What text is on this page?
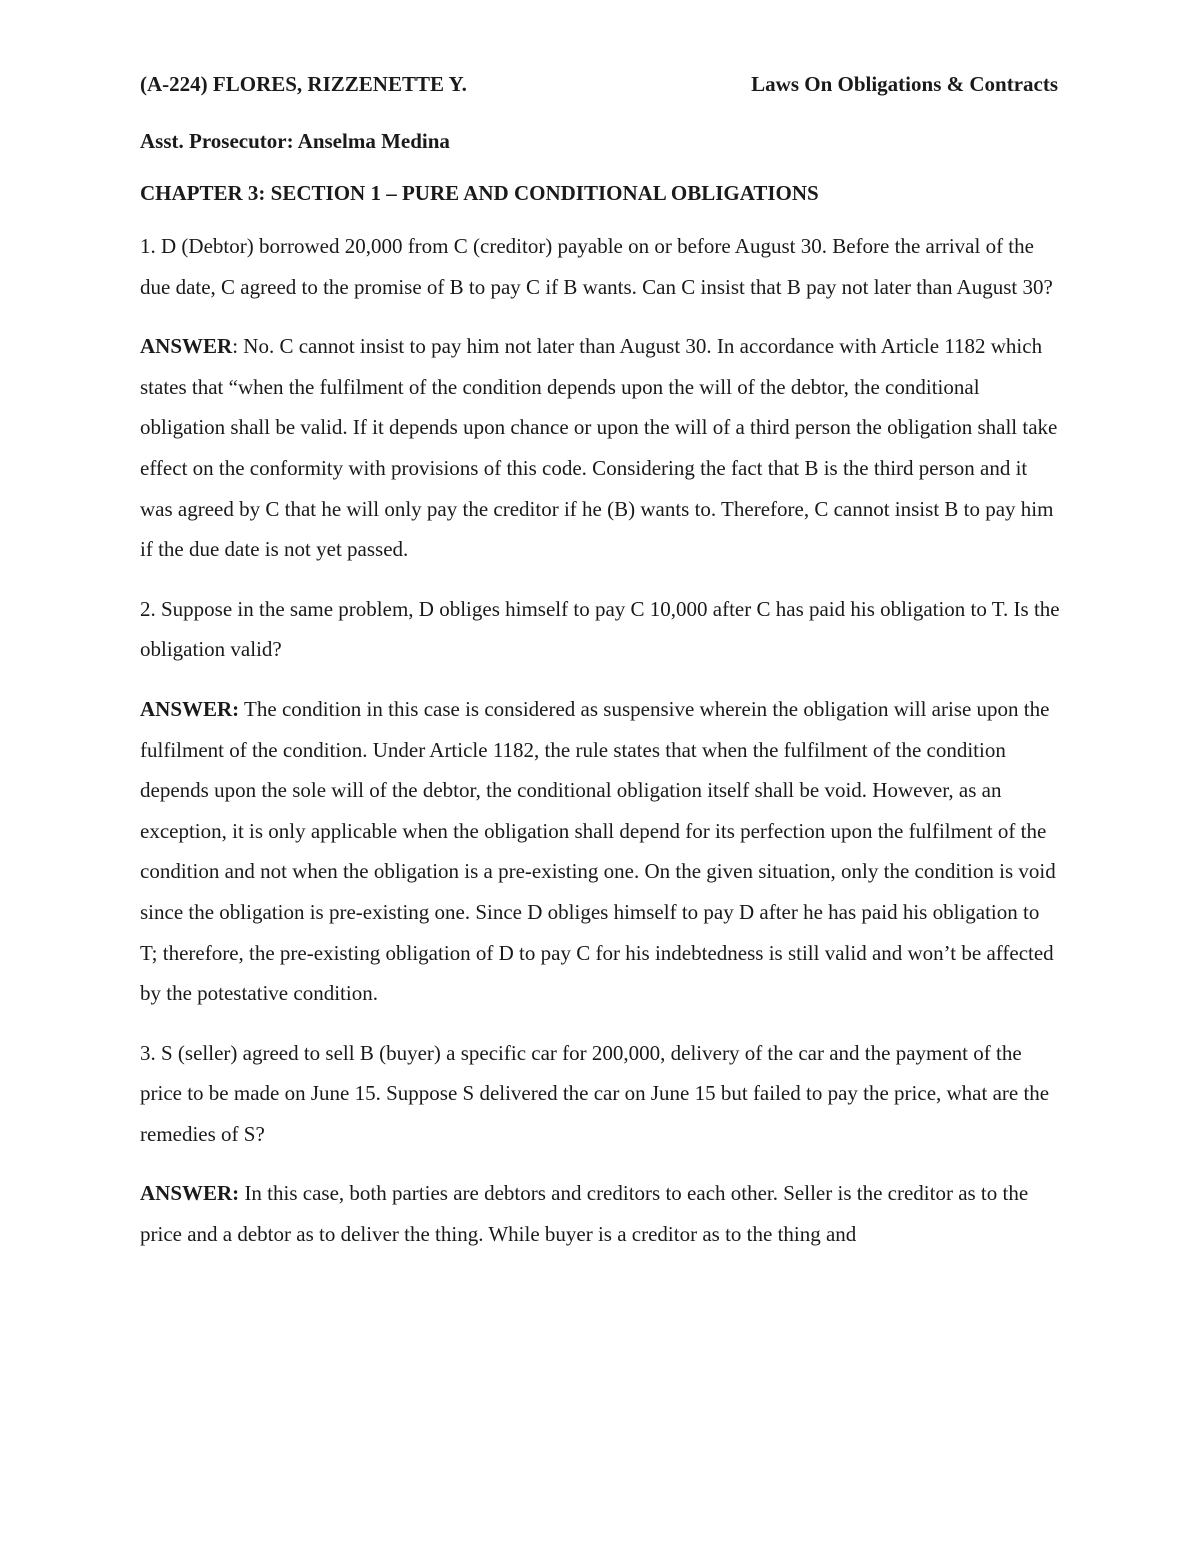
(A-224) FLORES, RIZZENETTE Y.	Laws On Obligations & Contracts
Asst. Prosecutor: Anselma Medina
CHAPTER 3: SECTION 1 – PURE AND CONDITIONAL OBLIGATIONS

1. D (Debtor) borrowed 20,000 from C (creditor) payable on or before August 30. Before the arrival of the due date, C agreed to the promise of B to pay C if B wants. Can C insist that B pay not later than August 30?

ANSWER: No. C cannot insist to pay him not later than August 30. In accordance with Article 1182 which states that “when the fulfilment of the condition depends upon the will of the debtor, the conditional obligation shall be valid. If it depends upon chance or upon the will of a third person the obligation shall take effect on the conformity with provisions of this code. Considering the fact that B is the third person and it was agreed by C that he will only pay the creditor if he (B) wants to. Therefore, C cannot insist B to pay him if the due date is not yet passed.

2. Suppose in the same problem, D obliges himself to pay C 10,000 after C has paid his obligation to T. Is the obligation valid?

ANSWER: The condition in this case is considered as suspensive wherein the obligation will arise upon the fulfilment of the condition. Under Article 1182, the rule states that when the fulfilment of the condition depends upon the sole will of the debtor, the conditional obligation itself shall be void. However, as an exception, it is only applicable when the obligation shall depend for its perfection upon the fulfilment of the condition and not when the obligation is a pre-existing one. On the given situation, only the condition is void since the obligation is pre-existing one. Since D obliges himself to pay D after he has paid his obligation to T; therefore, the pre-existing obligation of D to pay C for his indebtedness is still valid and won’t be affected by the potestative condition.

3. S (seller) agreed to sell B (buyer) a specific car for 200,000, delivery of the car and the payment of the price to be made on June 15. Suppose S delivered the car on June 15 but failed to pay the price, what are the remedies of S?

ANSWER: In this case, both parties are debtors and creditors to each other. Seller is the creditor as to the price and a debtor as to deliver the thing. While buyer is a creditor as to the thing and
